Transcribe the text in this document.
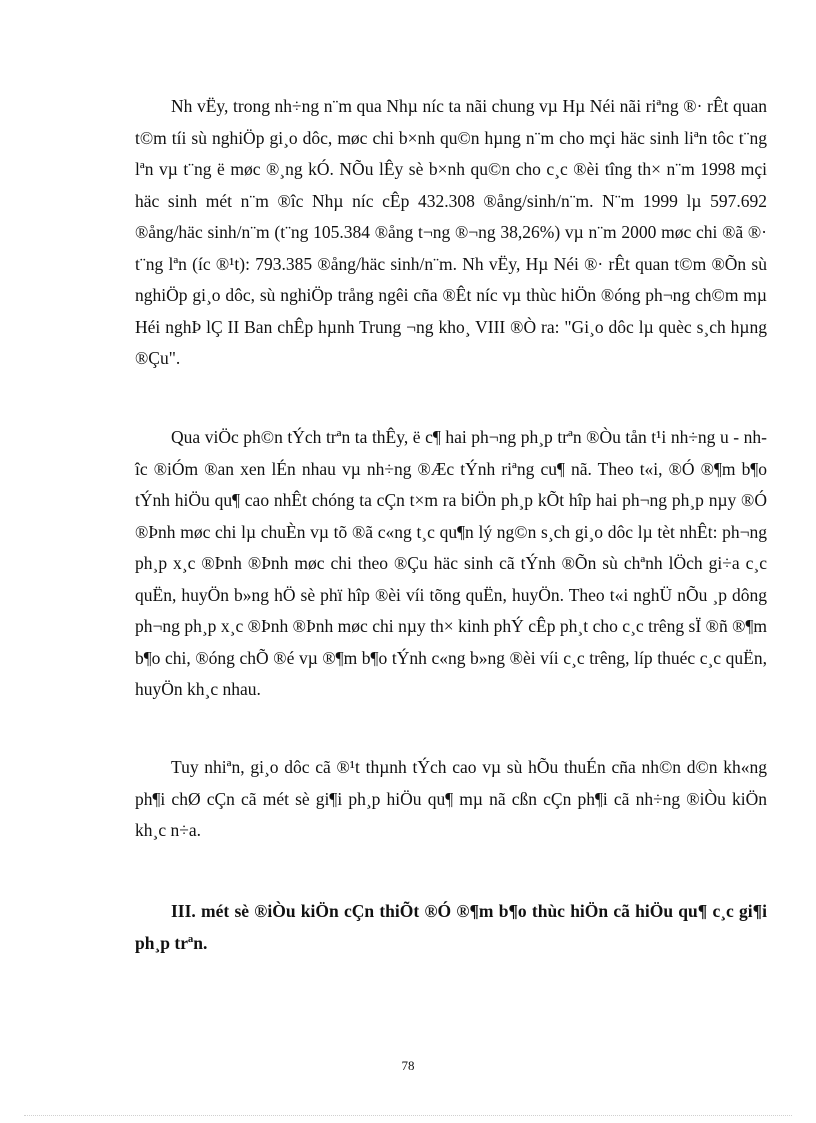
Nh vËy, trong nh÷ng n¨m qua Nhµ níc ta nãi chung vµ Hµ Néi nãi riªng ®· rÊt quan t©m tíi sù nghiÖp gi¸o dôc, møc chi b×nh qu©n hµng n¨m cho mçi häc sinh liªn tôc t¨ng lªn vµ t¨ng ë møc ®¸ng kÓ. NÕu lÊy sè b×nh qu©n cho c¸c ®èi tîng th× n¨m 1998 mçi häc sinh mét n¨m ®îc Nhµ níc cÊp 432.308 ®ång/sinh/n¨m. N¨m 1999 lµ 597.692 ®ång/häc sinh/n¨m (t¨ng 105.384 ®ång t¬ng ®¬ng 38,26%) vµ n¨m 2000 møc chi ®ã ®· t¨ng lªn (íc ®¹t): 793.385 ®ång/häc sinh/n¨m. Nh vËy, Hµ Néi ®· rÊt quan t©m ®Õn sù nghiÖp gi¸o dôc, sù nghiÖp trång ngêi cña ®Êt níc vµ thùc hiÖn ®óng ph¬ng ch©m mµ Héi nghÞ lÇ II Ban chÊp hµnh Trung ¬ng kho¸ VIII ®Ò ra: "Gi¸o dôc lµ quèc s¸ch hµng ®Çu".

Qua viÖc ph©n tÝch trªn ta thÊy, ë c¶ hai ph¬ng ph¸p trªn ®Òu tån t¹i nh÷ng u - nhîc ®iÓm ®an xen lÉn nhau vµ nh÷ng ®Æc tÝnh riªng cu¶ nã. Theo t«i, ®Ó ®¶m b¶o tÝnh hiÖu qu¶ cao nhÊt chóng ta cÇn t×m ra biÖn ph¸p kÕt hîp hai ph¬ng ph¸p nµy ®Ó ®Þnh møc chi lµ chuÈn vµ tõ ®ã c«ng t¸c qu¶n lý ng©n s¸ch gi¸o dôc lµ tèt nhÊt: ph¬ng ph¸p x¸c ®Þnh ®Þnh møc chi theo ®Çu häc sinh cã tÝnh ®Õn sù chªnh lÖch gi÷a c¸c quËn, huyÖn b»ng hÖ sè phï hîp ®èi víi tõng quËn, huyÖn. Theo t«i nghÜ nÕu ¸p dông ph¬ng ph¸p x¸c ®Þnh ®Þnh møc chi nµy th× kinh phÝ cÊp ph¸t cho c¸c trêng sÏ ®ñ ®¶m b¶o chi, ®óng chÕ ®é vµ ®¶m b¶o tÝnh c«ng b»ng ®èi víi c¸c trêng, líp thuéc c¸c quËn, huyÖn kh¸c nhau.

Tuy nhiªn, gi¸o dôc cã ®¹t thµnh tÝch cao vµ sù hÕu thuÉn cña nh©n d©n kh«ng ph¶i chØ cÇn cã mét sè gi¶i ph¸p hiÖu qu¶ mµ nã cßn cÇn ph¶i cã nh÷ng ®iÒu kiÖn kh¸c n÷a.

III. mét sè ®iÒu kiÖn cÇn thiÕt ®Ó ®¶m b¶o thùc hiÖn cã hiÖu qu¶ c¸c gi¶i ph¸p trªn.

78
